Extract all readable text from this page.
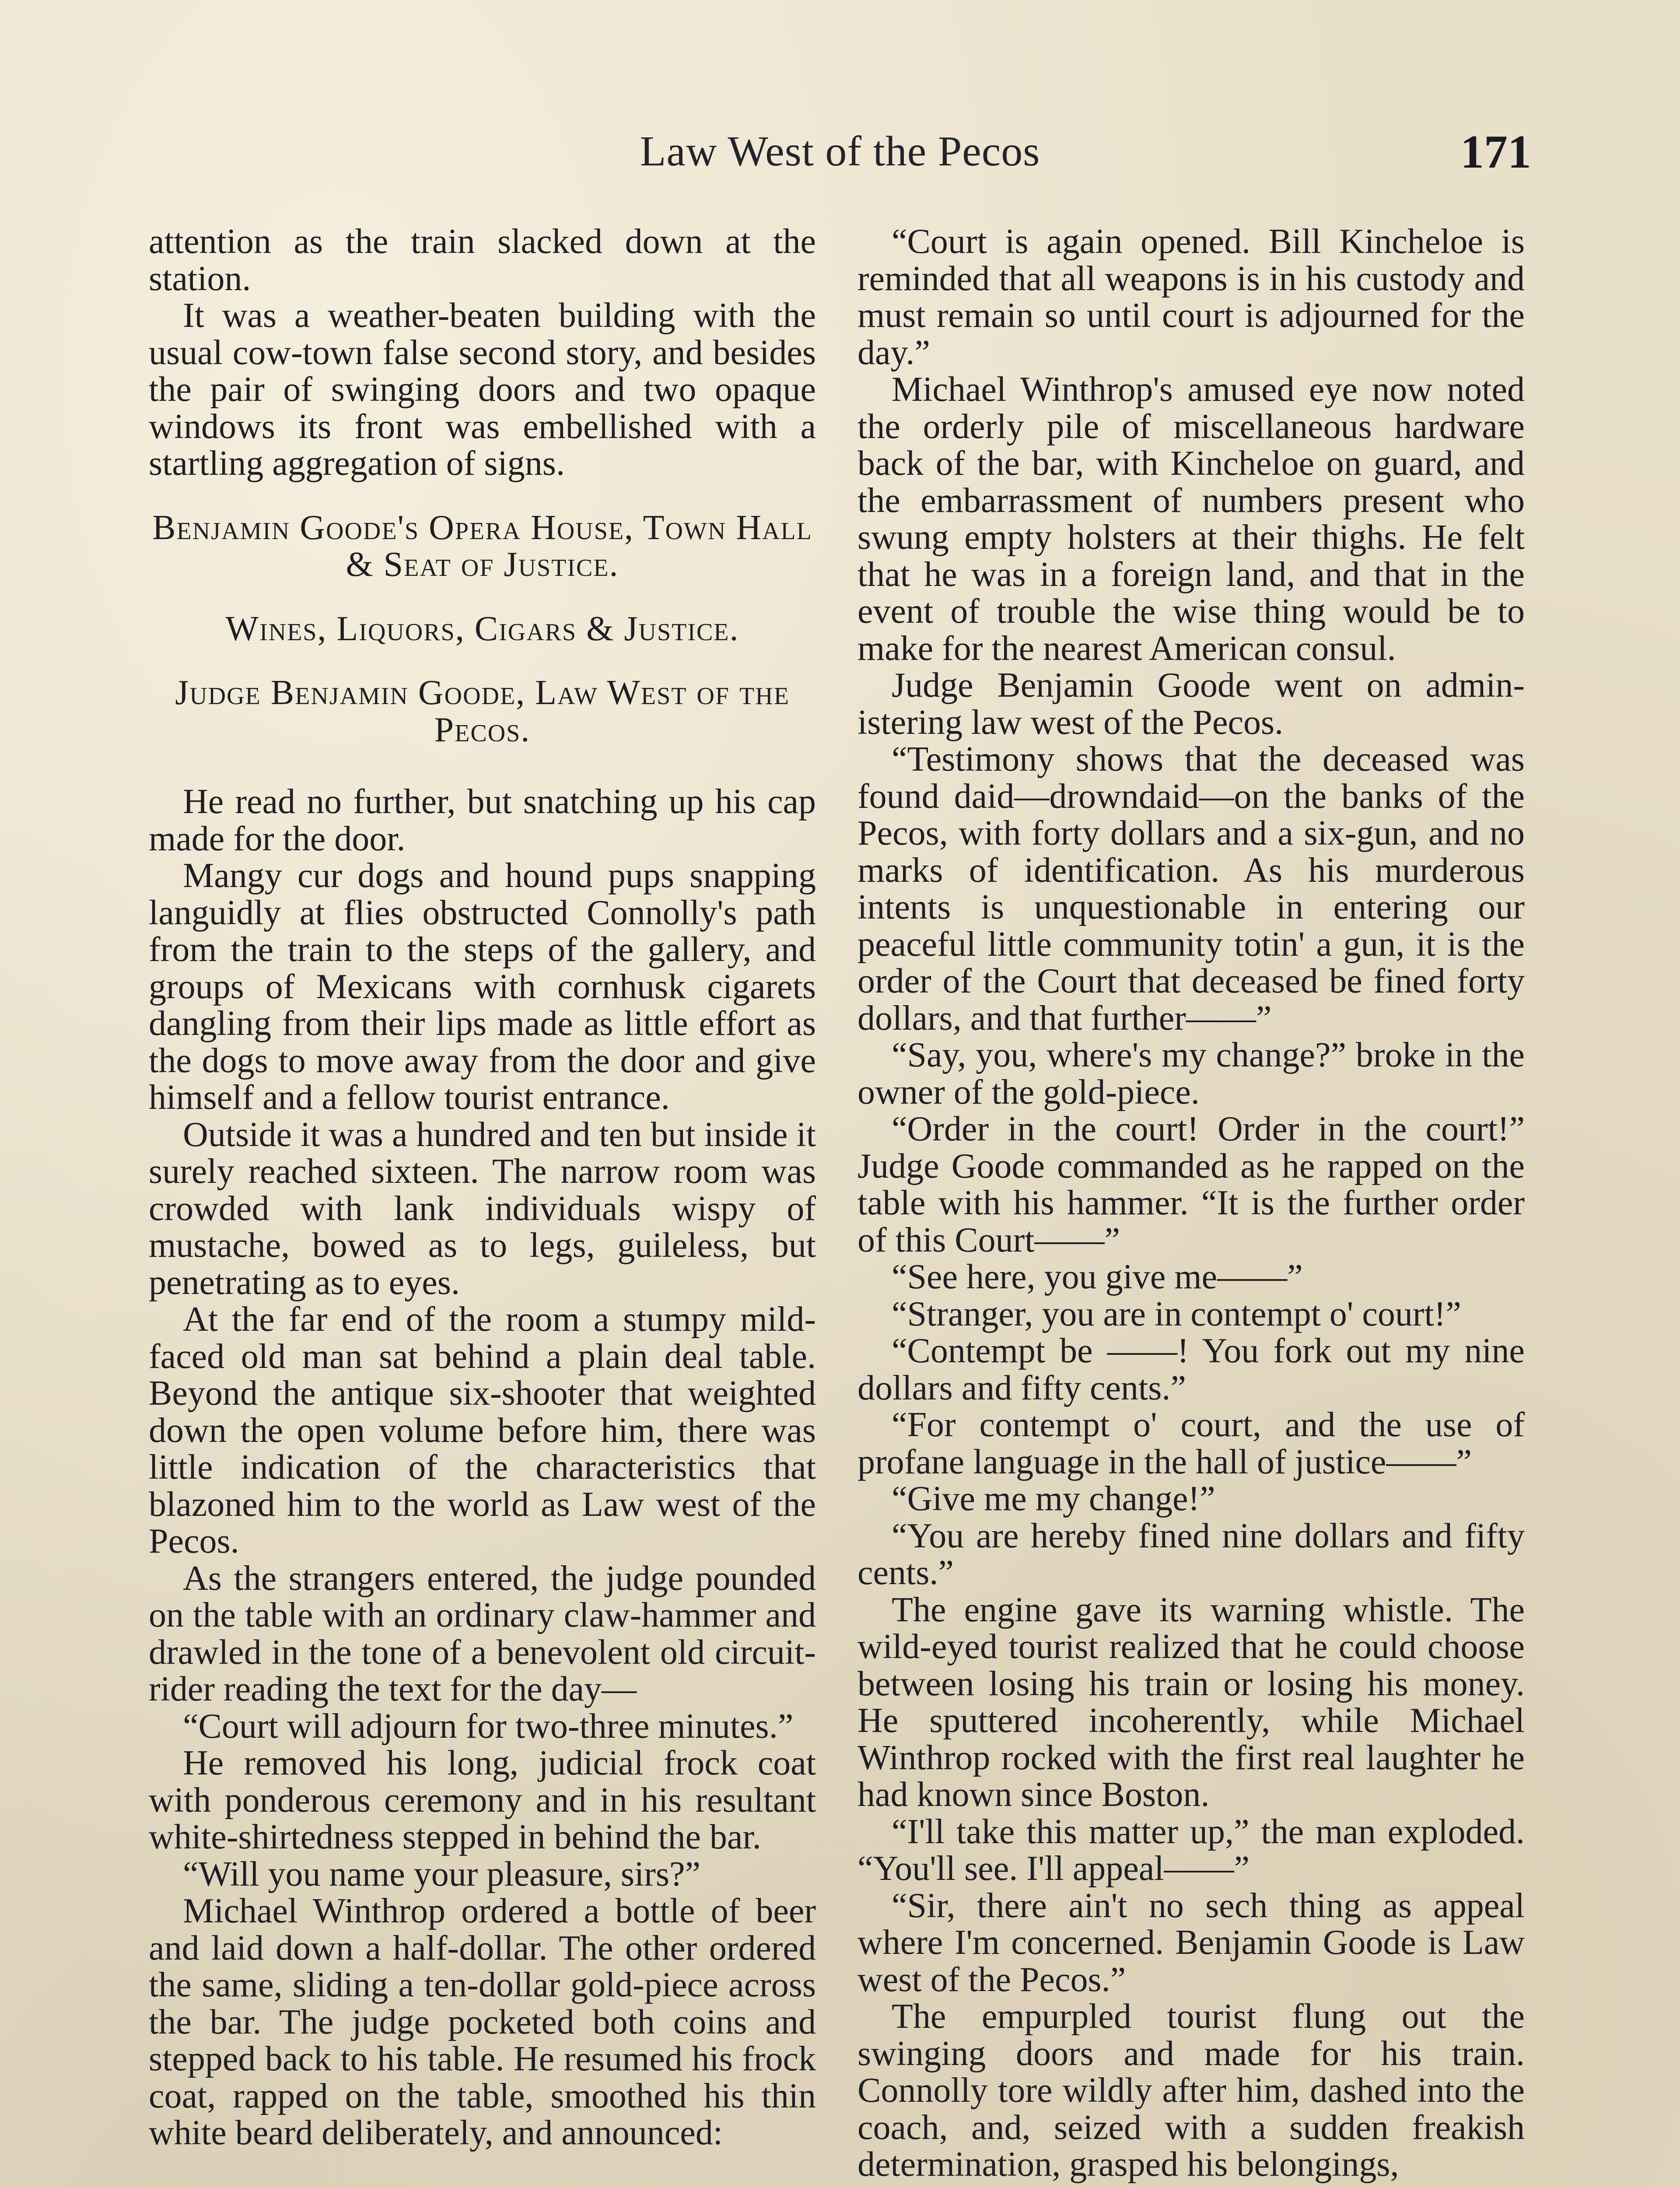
Law West of the Pecos	171

attention as the train slacked down at the station.

It was a weather-beaten building with the usual cow-town false second story, and besides the pair of swinging doors and two opaque windows its front was embellished with a startling aggregation of signs.

Benjamin Goode's Opera House, Town Hall & Seat of Justice.

Wines, Liquors, Cigars & Justice.

Judge Benjamin Goode, Law West of the Pecos.

He read no further, but snatching up his cap made for the door.

Mangy cur dogs and hound pups snapping languidly at flies obstructed Connolly's path from the train to the steps of the gallery, and groups of Mexicans with cornhusk cigarets dangling from their lips made as little effort as the dogs to move away from the door and give himself and a fellow tourist entrance.

Outside it was a hundred and ten but inside it surely reached sixteen. The narrow room was crowded with lank individuals wispy of mustache, bowed as to legs, guileless, but penetrating as to eyes.

At the far end of the room a stumpy mild-faced old man sat behind a plain deal table. Beyond the antique six-shooter that weighted down the open volume before him, there was little indication of the characteristics that blazoned him to the world as Law west of the Pecos.

As the strangers entered, the judge pounded on the table with an ordinary claw-hammer and drawled in the tone of a benevolent old circuit-rider reading the text for the day—

“Court will adjourn for two-three minutes.”

He removed his long, judicial frock coat with ponderous ceremony and in his resultant white-shirtedness stepped in behind the bar.

“Will you name your pleasure, sirs?”

Michael Winthrop ordered a bottle of beer and laid down a half-dollar. The other ordered the same, sliding a ten-dollar gold-piece across the bar. The judge pocketed both coins and stepped back to his table. He resumed his frock coat, rapped on the table, smoothed his thin white beard deliberately, and announced:

“Court is again opened. Bill Kincheloe is reminded that all weapons is in his custody and must remain so until court is adjourned for the day.”

Michael Winthrop's amused eye now noted the orderly pile of miscellaneous hardware back of the bar, with Kincheloe on guard, and the embarrassment of numbers present who swung empty holsters at their thighs. He felt that he was in a foreign land, and that in the event of trouble the wise thing would be to make for the nearest American consul.

Judge Benjamin Goode went on administering law west of the Pecos.

“Testimony shows that the deceased was found daid—drowndaid—on the banks of the Pecos, with forty dollars and a six-gun, and no marks of identification. As his murderous intents is unquestionable in entering our peaceful little community totin' a gun, it is the order of the Court that deceased be fined forty dollars, and that further——”

“Say, you, where's my change?” broke in the owner of the gold-piece.

“Order in the court! Order in the court!” Judge Goode commanded as he rapped on the table with his hammer. “It is the further order of this Court——”

“See here, you give me——”

“Stranger, you are in contempt o' court!”

“Contempt be ——! You fork out my nine dollars and fifty cents.”

“For contempt o' court, and the use of profane language in the hall of justice——”

“Give me my change!”

“You are hereby fined nine dollars and fifty cents.”

The engine gave its warning whistle. The wild-eyed tourist realized that he could choose between losing his train or losing his money. He sputtered incoherently, while Michael Winthrop rocked with the first real laughter he had known since Boston.

“I'll take this matter up,” the man exploded. “You'll see. I'll appeal——”

“Sir, there ain't no sech thing as appeal where I'm concerned. Benjamin Goode is Law west of the Pecos.”

The empurpled tourist flung out the swinging doors and made for his train. Connolly tore wildly after him, dashed into the coach, and, seized with a sudden freakish determination, grasped his belongings,
